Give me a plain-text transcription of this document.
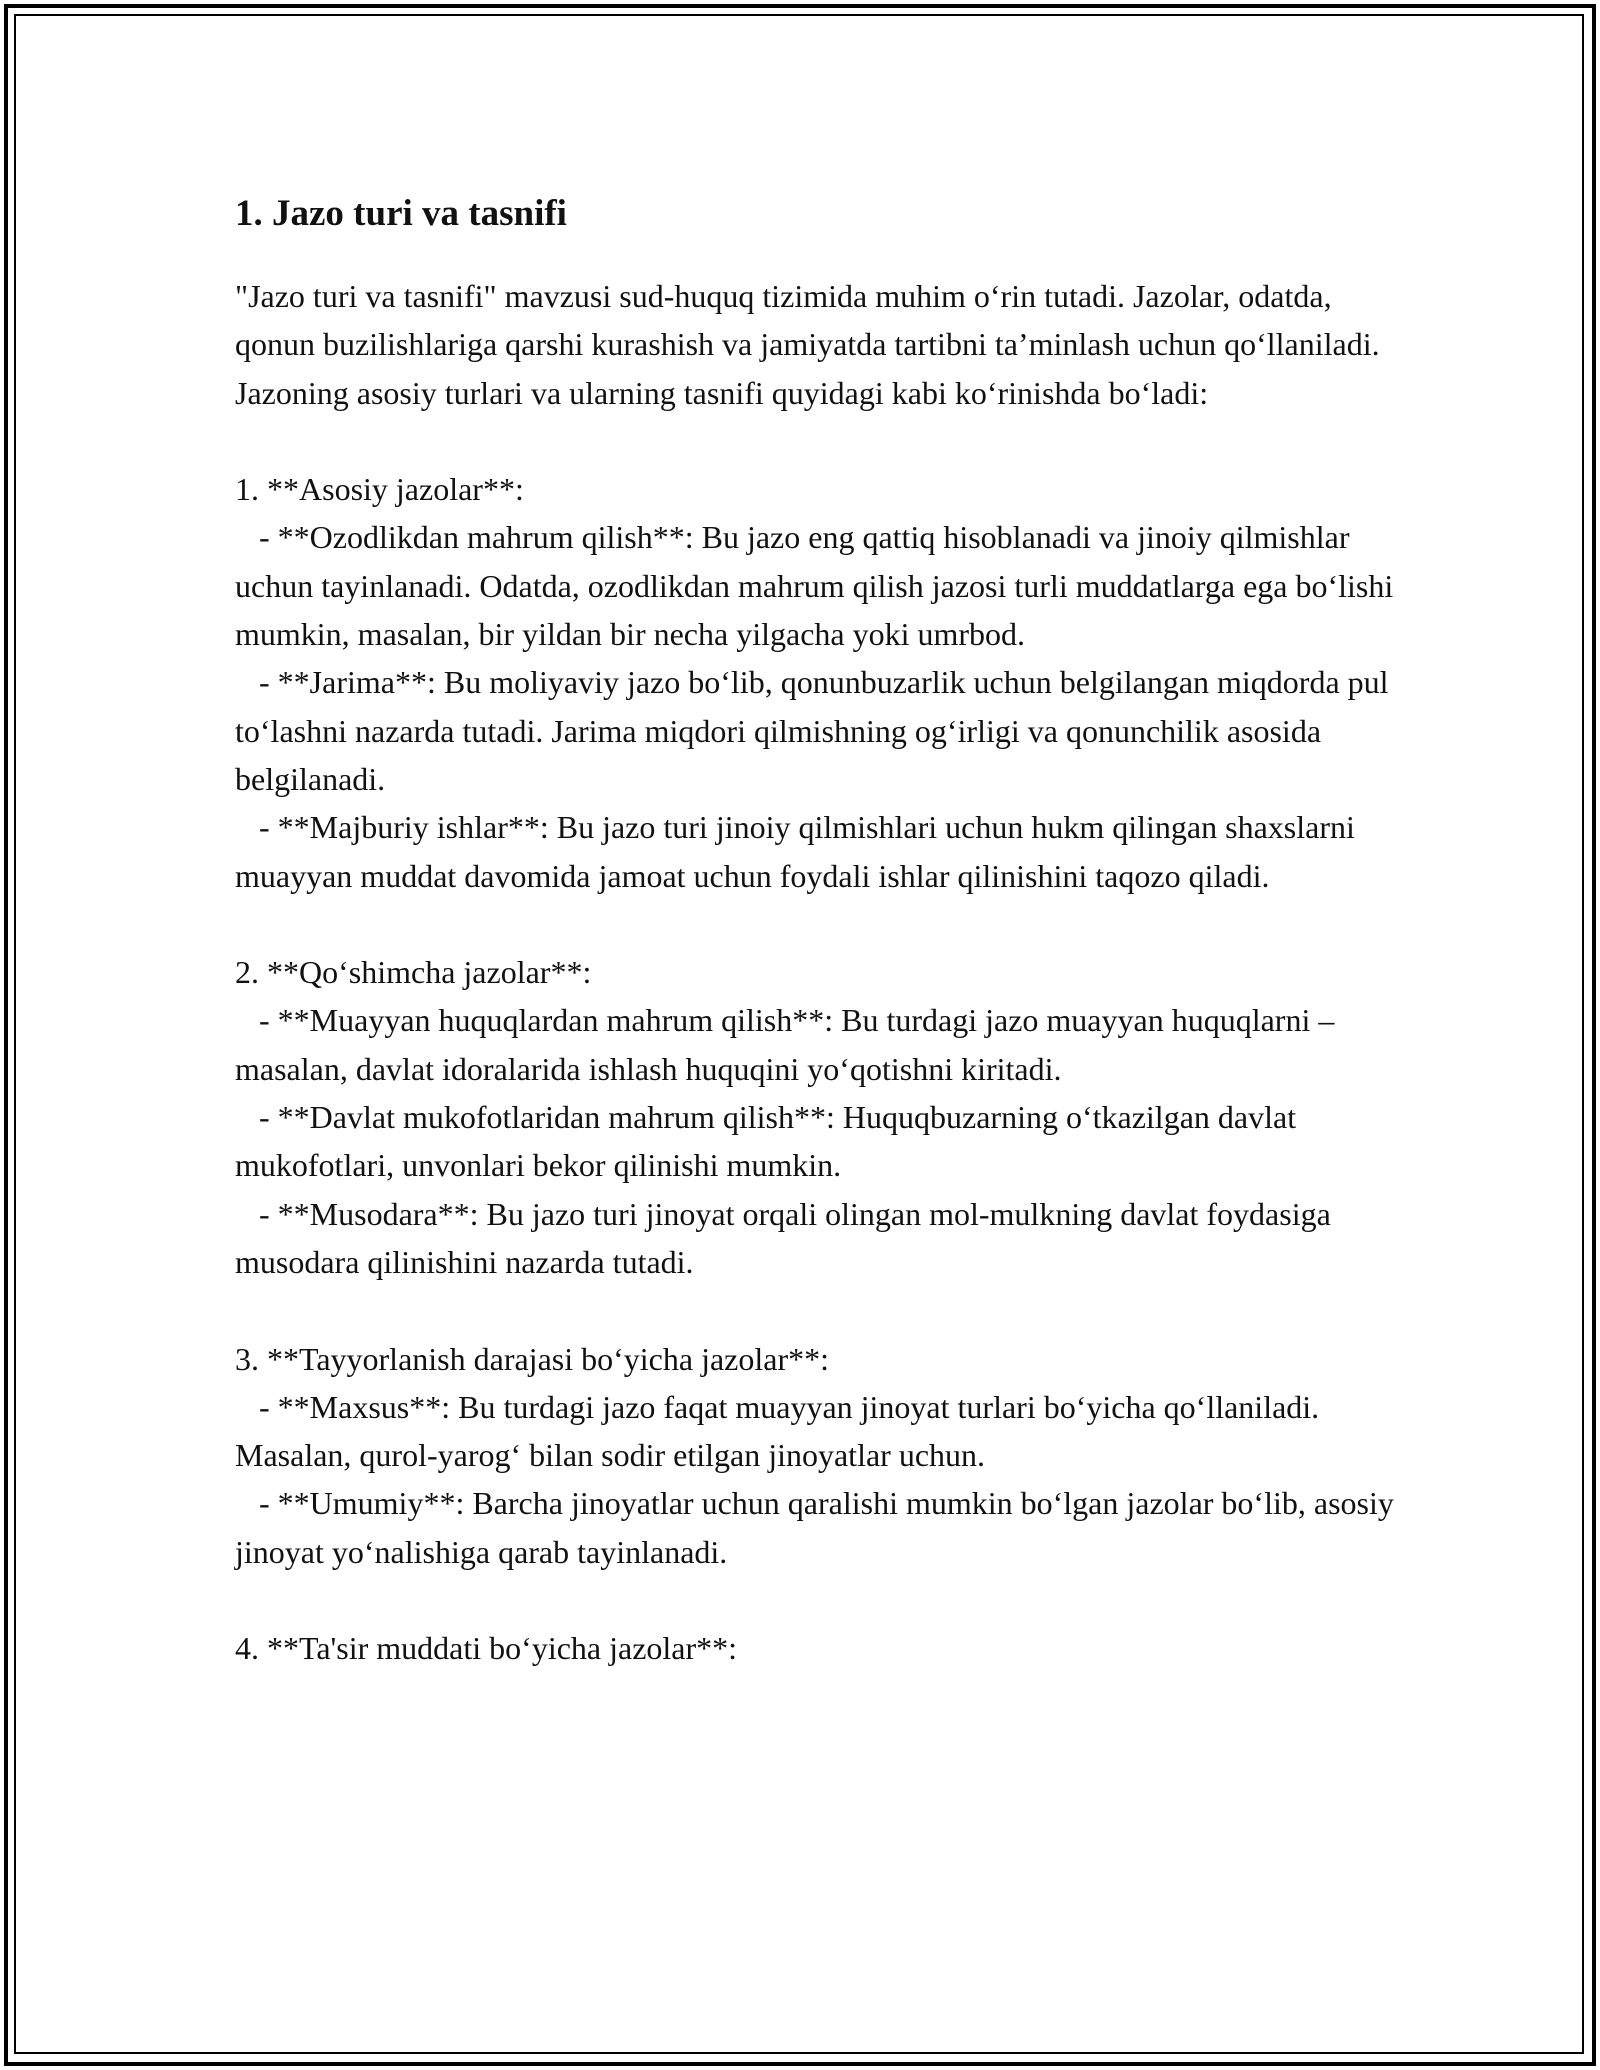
1. Jazo turi va tasnifi

"Jazo turi va tasnifi" mavzusi sud-huquq tizimida muhim o‘rin tutadi. Jazolar, odatda, qonun buzilishlariga qarshi kurashish va jamiyatda tartibni ta’minlash uchun qo‘llaniladi. Jazoning asosiy turlari va ularning tasnifi quyidagi kabi ko‘rinishda bo‘ladi:

1. **Asosiy jazolar**:
- **Ozodlikdan mahrum qilish**: Bu jazo eng qattiq hisoblanadi va jinoiy qilmishlar uchun tayinlanadi. Odatda, ozodlikdan mahrum qilish jazosi turli muddatlarga ega bo‘lishi mumkin, masalan, bir yildan bir necha yilgacha yoki umrbod.
- **Jarima**: Bu moliyaviy jazo bo‘lib, qonunbuzarlik uchun belgilangan miqdorda pul to‘lashni nazarda tutadi. Jarima miqdori qilmishning og‘irligi va qonunchilik asosida belgilanadi.
- **Majburiy ishlar**: Bu jazo turi jinoiy qilmishlari uchun hukm qilingan shaxslarni muayyan muddat davomida jamoat uchun foydali ishlar qilinishini taqozo qiladi.

2. **Qo‘shimcha jazolar**:
- **Muayyan huquqlardan mahrum qilish**: Bu turdagi jazo muayyan huquqlarni – masalan, davlat idoralarida ishlash huquqini yo‘qotishni kiritadi.
- **Davlat mukofotlaridan mahrum qilish**: Huquqbuzarning o‘tkazilgan davlat mukofotlari, unvonlari bekor qilinishi mumkin.
- **Musodara**: Bu jazo turi jinoyat orqali olingan mol-mulkning davlat foydasiga musodara qilinishini nazarda tutadi.

3. **Tayyorlanish darajasi bo‘yicha jazolar**:
- **Maxsus**: Bu turdagi jazo faqat muayyan jinoyat turlari bo‘yicha qo‘llaniladi. Masalan, qurol-yarog‘ bilan sodir etilgan jinoyatlar uchun.
- **Umumiy**: Barcha jinoyatlar uchun qaralishi mumkin bo‘lgan jazolar bo‘lib, asosiy jinoyat yo‘nalishiga qarab tayinlanadi.

4. **Ta'sir muddati bo‘yicha jazolar**:
